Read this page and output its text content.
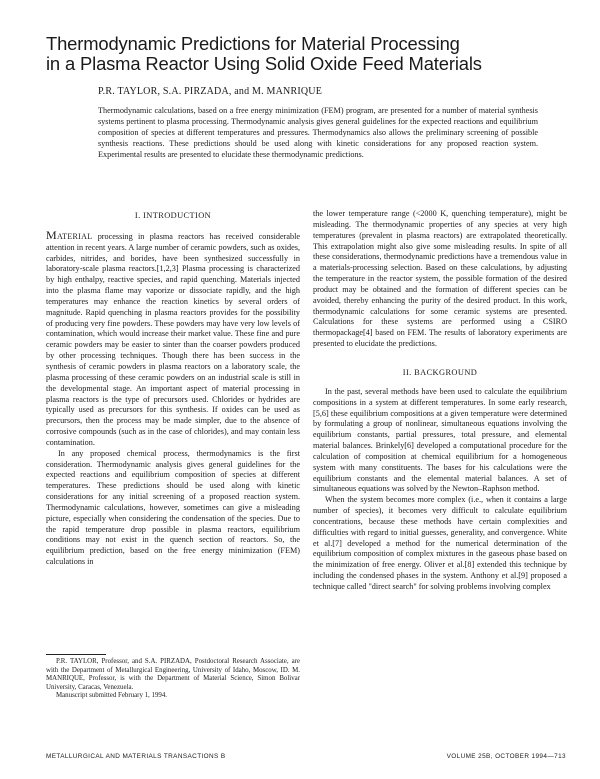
Thermodynamic Predictions for Material Processing
in a Plasma Reactor Using Solid Oxide Feed Materials
P.R. TAYLOR, S.A. PIRZADA, and M. MANRIQUE
Thermodynamic calculations, based on a free energy minimization (FEM) program, are presented for a number of material synthesis systems pertinent to plasma processing. Thermodynamic analysis gives general guidelines for the expected reactions and equilibrium composition of species at different temperatures and pressures. Thermodynamics also allows the preliminary screening of possible synthesis reactions. These predictions should be used along with kinetic considerations for any proposed reaction system. Experimental results are presented to elucidate these thermodynamic predictions.
I. INTRODUCTION

Material processing in plasma reactors has received considerable attention in recent years. A large number of ceramic powders, such as oxides, carbides, nitrides, and borides, have been synthesized successfully in laboratory-scale plasma reactors.[1,2,3] Plasma processing is characterized by high enthalpy, reactive species, and rapid quenching. Materials injected into the plasma flame may vaporize or dissociate rapidly, and the high temperatures may enhance the reaction kinetics by several orders of magnitude. Rapid quenching in plasma reactors provides for the possibility of producing very fine powders. These powders may have very low levels of contamination, which would increase their market value. These fine and pure ceramic powders may be easier to sinter than the coarser powders produced by other processing techniques. Though there has been success in the synthesis of ceramic powders in plasma reactors on a laboratory scale, the plasma processing of these ceramic powders on an industrial scale is still in the developmental stage. An important aspect of material processing in plasma reactors is the type of precursors used. Chlorides or hydrides are typically used as precursors for this synthesis. If oxides can be used as precursors, then the process may be made simpler, due to the absence of corrosive compounds (such as in the case of chlorides), and may contain less contamination.

In any proposed chemical process, thermodynamics is the first consideration. Thermodynamic analysis gives general guidelines for the expected reactions and equilibrium composition of species at different temperatures. These predictions should be used along with kinetic considerations for any initial screening of a proposed reaction system. Thermodynamic calculations, however, sometimes can give a misleading picture, especially when considering the condensation of the species. Due to the rapid temperature drop possible in plasma reactors, equilibrium conditions may not exist in the quench section of reactors. So, the equilibrium prediction, based on the free energy minimization (FEM) calculations in

the lower temperature range (<2000 K, quenching temperature), might be misleading. The thermodynamic properties of any species at very high temperatures (prevalent in plasma reactors) are extrapolated theoretically. This extrapolation might also give some misleading results. In spite of all these considerations, thermodynamic predictions have a tremendous value in a materials-processing selection. Based on these calculations, by adjusting the temperature in the reactor system, the possible formation of the desired product may be obtained and the formation of different species can be avoided, thereby enhancing the purity of the desired product. In this work, thermodynamic calculations for some ceramic systems are presented. Calculations for these systems are performed using a CSIRO thermopackage[4] based on FEM. The results of laboratory experiments are presented to elucidate the predictions.

II. BACKGROUND

In the past, several methods have been used to calculate the equilibrium compositions in a system at different temperatures. In some early research,[5,6] these equilibrium compositions at a given temperature were determined by formulating a group of nonlinear, simultaneous equations involving the equilibrium constants, partial pressures, total pressure, and elemental material balances. Brinkely[6] developed a computational procedure for the calculation of composition at chemical equilibrium for a homogeneous system with many constituents. The bases for his calculations were the equilibrium constants and the elemental material balances. A set of simultaneous equations was solved by the Newton–Raphson method.

When the system becomes more complex (i.e., when it contains a large number of species), it becomes very difficult to calculate equilibrium concentrations, because these methods have certain complexities and difficulties with regard to initial guesses, generality, and convergence. White et al.[7] developed a method for the numerical determination of the equilibrium composition of complex mixtures in the gaseous phase based on the minimization of free energy. Oliver et al.[8] extended this technique by including the condensed phases in the system. Anthony et al.[9] proposed a technique called "direct search" for solving problems involving complex

P.R. TAYLOR, Professor, and S.A. PIRZADA, Postdoctoral Research Associate, are with the Department of Metallurgical Engineering, University of Idaho, Moscow, ID. M. MANRIQUE, Professor, is with the Department of Material Science, Simon Bolivar University, Caracas, Venezuela.

Manuscript submitted February 1, 1994.

METALLURGICAL AND MATERIALS TRANSACTIONS B	VOLUME 25B, OCTOBER 1994—713
